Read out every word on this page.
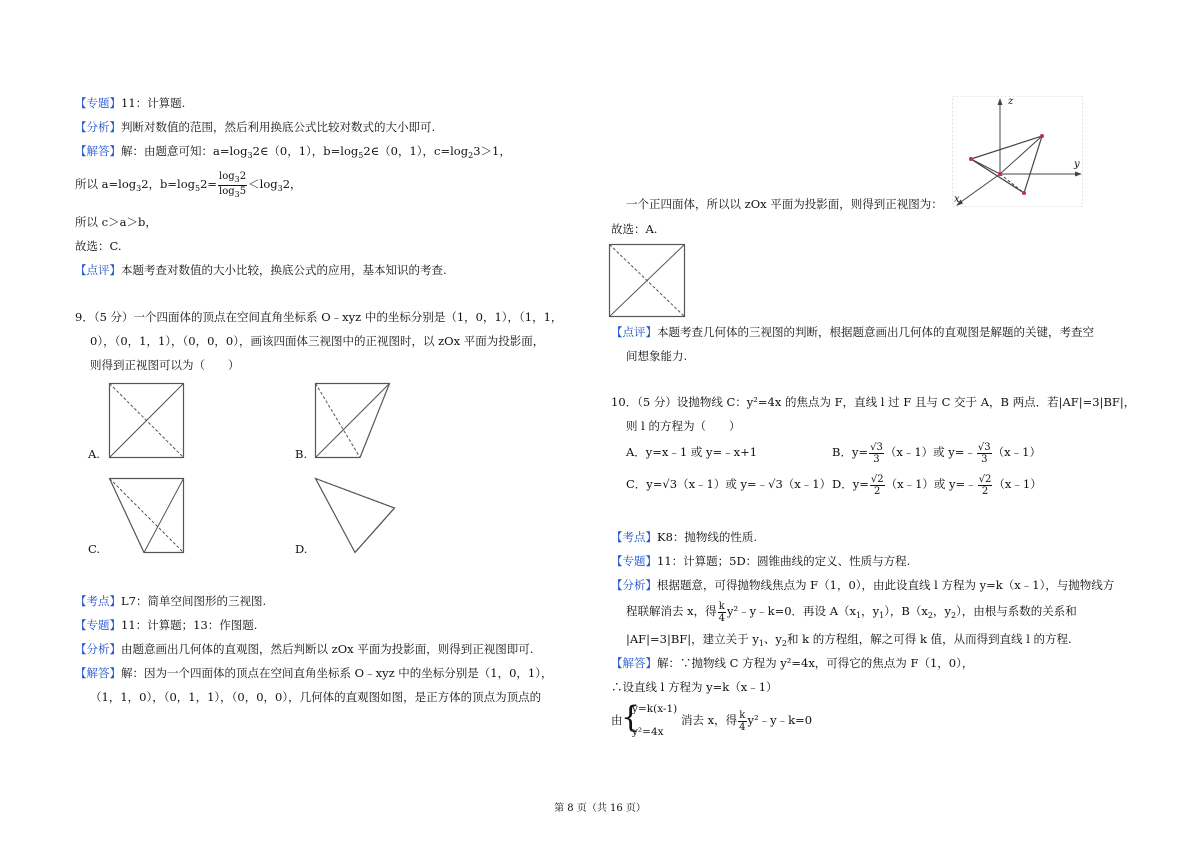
【专题】11：计算题.
【分析】判断对数值的范围，然后利用换底公式比较对数式的大小即可.
【解答】解：由题意可知：$a=\log_32\in(0$，1），$b=\log_52\in(0$，1），$c=\log_23>1$，
所以 $a=\log_32$，$b=\log_52= \frac{\log_32}{\log_35} <\log_32$，
所以 c＞a＞b，
故选：C.
【点评】本题考查对数值的大小比较，换底公式的应用，基本知识的考查.
9．（5 分）一个四面体的顶点在空间直角坐标系 O﹣xyz 中的坐标分别是（1，0，1），（1，1，
0），（0，1，1），（0，0，0），画该四面体三视图中的正视图时，以 zOx 平面为投影面，
则得到正视图可以为（　　）
A.	B.
C.	D.
【考点】L7：简单空间图形的三视图.
【专题】11：计算题；13：作图题.
【分析】由题意画出几何体的直观图，然后判断以 zOx 平面为投影面，则得到正视图即可.
【解答】解：因为一个四面体的顶点在空间直角坐标系 O﹣xyz 中的坐标分别是（1，0，1），
（1，1，0），（0，1，1），（0，0，0），几何体的直观图如图，是正方体的顶点为顶点的
z
y
x
一个正四面体，所以以 zOx 平面为投影面，则得到正视图为：
故选：A.
【点评】本题考查几何体的三视图的判断，根据题意画出几何体的直观图是解题的关键，考查空
间想象能力.
10．（5 分）设抛物线 C：y²=4x 的焦点为 F，直线 l 过 F 且与 C 交于 A，B 两点．若|AF|=3|BF|，
则 l 的方程为（　　）
A．y=x﹣1 或 y=﹣x+1	B．$y= \frac{√3}{3}$ （x﹣1）或 y=﹣ $\frac{√3}{3}$ （x﹣1）
C．y=√3（x﹣1）或 y=﹣√3（x﹣1） D．$y= \frac{√2}{2}$ （x﹣1）或 y=﹣ $\frac{√2}{2}$ （x﹣1）
【考点】K8：抛物线的性质.
【专题】11：计算题；5D：圆锥曲线的定义、性质与方程.
【分析】根据题意，可得抛物线焦点为 F（1，0），由此设直线 l 方程为 y=k（x﹣1），与抛物线方
程联解消去 x，得 $\frac{k}{4}$ y²﹣y﹣k=0．再设 $A(x_1$，$y_1$），$B(x_2$，$y_2$），由根与系数的关系和
|AF|=3|BF|，建立关于 $y_1$、$y_2$和 k 的方程组，解之可得 k 值，从而得到直线 l 的方程.
【解答】解：∵抛物线 C 方程为 y²=4x，可得它的焦点为 F（1，0），
∴设直线 l 方程为 y=k（x﹣1）
由
{
y=k(x-1)
y²=4x
消去 x，得 $\frac{k}{4}$ y²﹣y﹣k=0
第 8 页（共 16 页）
